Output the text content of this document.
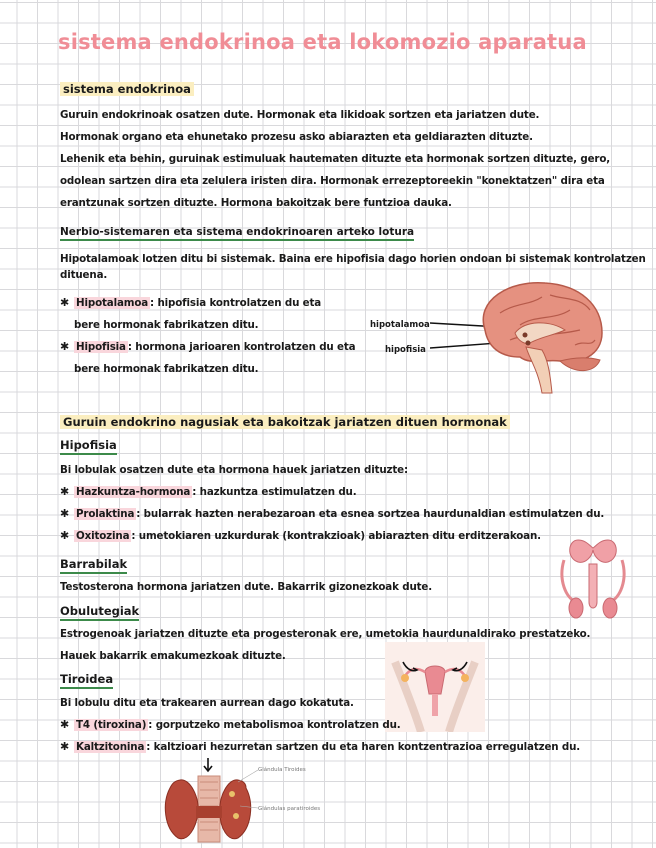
sistema endokrinoa eta lokomozio aparatua
sistema endokrinoa
Guruin endokrinoak osatzen dute. Hormonak eta likidoak sortzen eta jariatzen dute.
Hormonak organo eta ehunetako prozesu asko abiarazten eta geldiarazten dituzte.
Lehenik eta behin, guruinak estimuluak hautematen dituzte eta hormonak sortzen dituzte, gero,
odolean sartzen dira eta zelulera iristen dira. Hormonak errezeptoreekin "konektatzen" dira eta
erantzunak sortzen dituzte. Hormona bakoitzak bere funtzioa dauka.
Nerbio-sistemaren eta sistema endokrinoaren arteko lotura
Hipotalamoak lotzen ditu bi sistemak. Baina ere hipofisia dago horien ondoan bi sistemak kontrolatzen
dituena.
✱ Hipotalamoa : hipofisia kontrolatzen du eta
bere hormonak fabrikatzen ditu.
✱ Hipofisia : hormona jarioaren kontrolatzen du eta
bere hormonak fabrikatzen ditu.
hipotalamoa
hipofisia
Guruin endokrino nagusiak eta bakoitzak jariatzen dituen hormonak
Hipofisia
Bi lobulak osatzen dute eta hormona hauek jariatzen dituzte:
✱ Hazkuntza-hormona : hazkuntza estimulatzen du.
✱ Prolaktina : bularrak hazten nerabezaroan eta esnea sortzea haurdunaldian estimulatzen du.
✱ Oxitozina : umetokiaren uzkurdurak (kontrakzioak) abiarazten ditu erditzerakoan.
Barrabilak
Testosterona hormona jariatzen dute. Bakarrik gizonezkoak dute.
Obulutegiak
Estrogenoak jariatzen dituzte eta progesteronak ere, umetokia haurdunaldirako prestatzeko.
Hauek bakarrik emakumezkoak dituzte.
Tiroidea
Bi lobulu ditu eta trakearen aurrean dago kokatuta.
✱ T4 (tiroxina) : gorputzeko metabolismoa kontrolatzen du.
✱ Kaltzitonina : kaltzioari hezurretan sartzen du eta haren kontzentrazioa erregulatzen du.
Glándula Tiroides
Glándulas paratiroides
